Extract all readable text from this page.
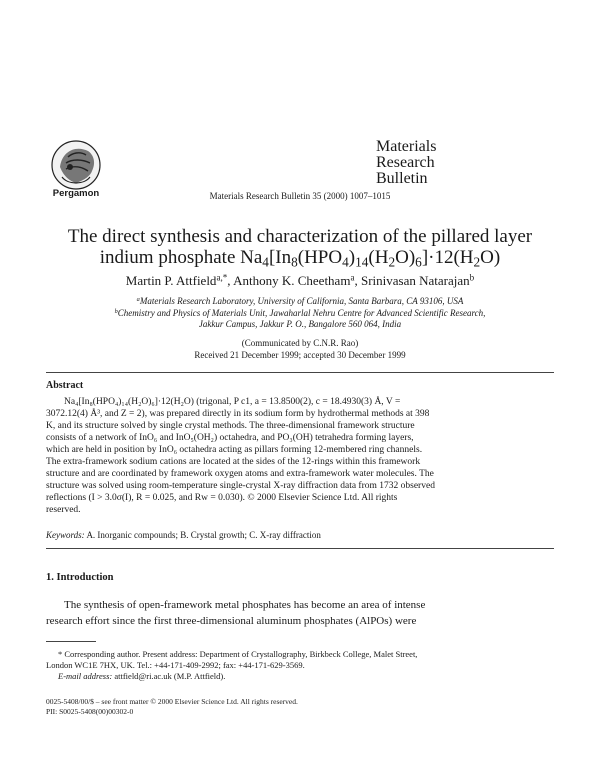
Pergamon	Materials Research Bulletin 35 (2000) 1007–1015
Materials
Research
Bulletin
The direct synthesis and characterization of the pillared layer
indium phosphate $Na_4[In_8(HPO_4)_{14}(H_2O)_6]\cdot 12(H_2O)$
Martin P. Attfield$^{a,*}$, Anthony K. Cheetham$^a$, Srinivasan Natarajan$^b$
$^a$Materials Research Laboratory, University of California, Santa Barbara, CA 93106, USA
$^b$Chemistry and Physics of Materials Unit, Jawaharlal Nehru Centre for Advanced Scientific Research,
Jakkur Campus, Jakkur P. O., Bangalore 560 064, India
(Communicated by C.N.R. Rao)
Received 21 December 1999; accepted 30 December 1999
Abstract
Na₄[In₈(HPO₄)₁₄(H₂O)₆]·12(H₂O) (trigonal, P c1, a = 13.8500(2), c = 18.4930(3) Å, V =
3072.12(4) Å³, and Z = 2), was prepared directly in its sodium form by hydrothermal methods at 398
K, and its structure solved by single crystal methods. The three-dimensional framework structure
consists of a network of InO₆ and InO₅(OH₂) octahedra, and PO₃(OH) tetrahedra forming layers,
which are held in position by InO₆ octahedra acting as pillars forming 12-membered ring channels.
The extra-framework sodium cations are located at the sides of the 12-rings within this framework
structure and are coordinated by framework oxygen atoms and extra-framework water molecules. The
structure was solved using room-temperature single-crystal X-ray diffraction data from 1732 observed
reflections (I > 3.0σ(I), R = 0.025, and Rw = 0.030). © 2000 Elsevier Science Ltd. All rights
reserved.
Keywords: A. Inorganic compounds; B. Crystal growth; C. X-ray diffraction
1. Introduction
The synthesis of open-framework metal phosphates has become an area of intense
research effort since the first three-dimensional aluminum phosphates (AlPOs) were
* Corresponding author. Present address: Department of Crystallography, Birkbeck College, Malet Street,
London WC1E 7HX, UK. Tel.: +44-171-409-2992; fax: +44-171-629-3569.
E-mail address: attfield@ri.ac.uk (M.P. Attfield).
0025-5408/00/$ – see front matter © 2000 Elsevier Science Ltd. All rights reserved.
PII: S0025-5408(00)00302-0
